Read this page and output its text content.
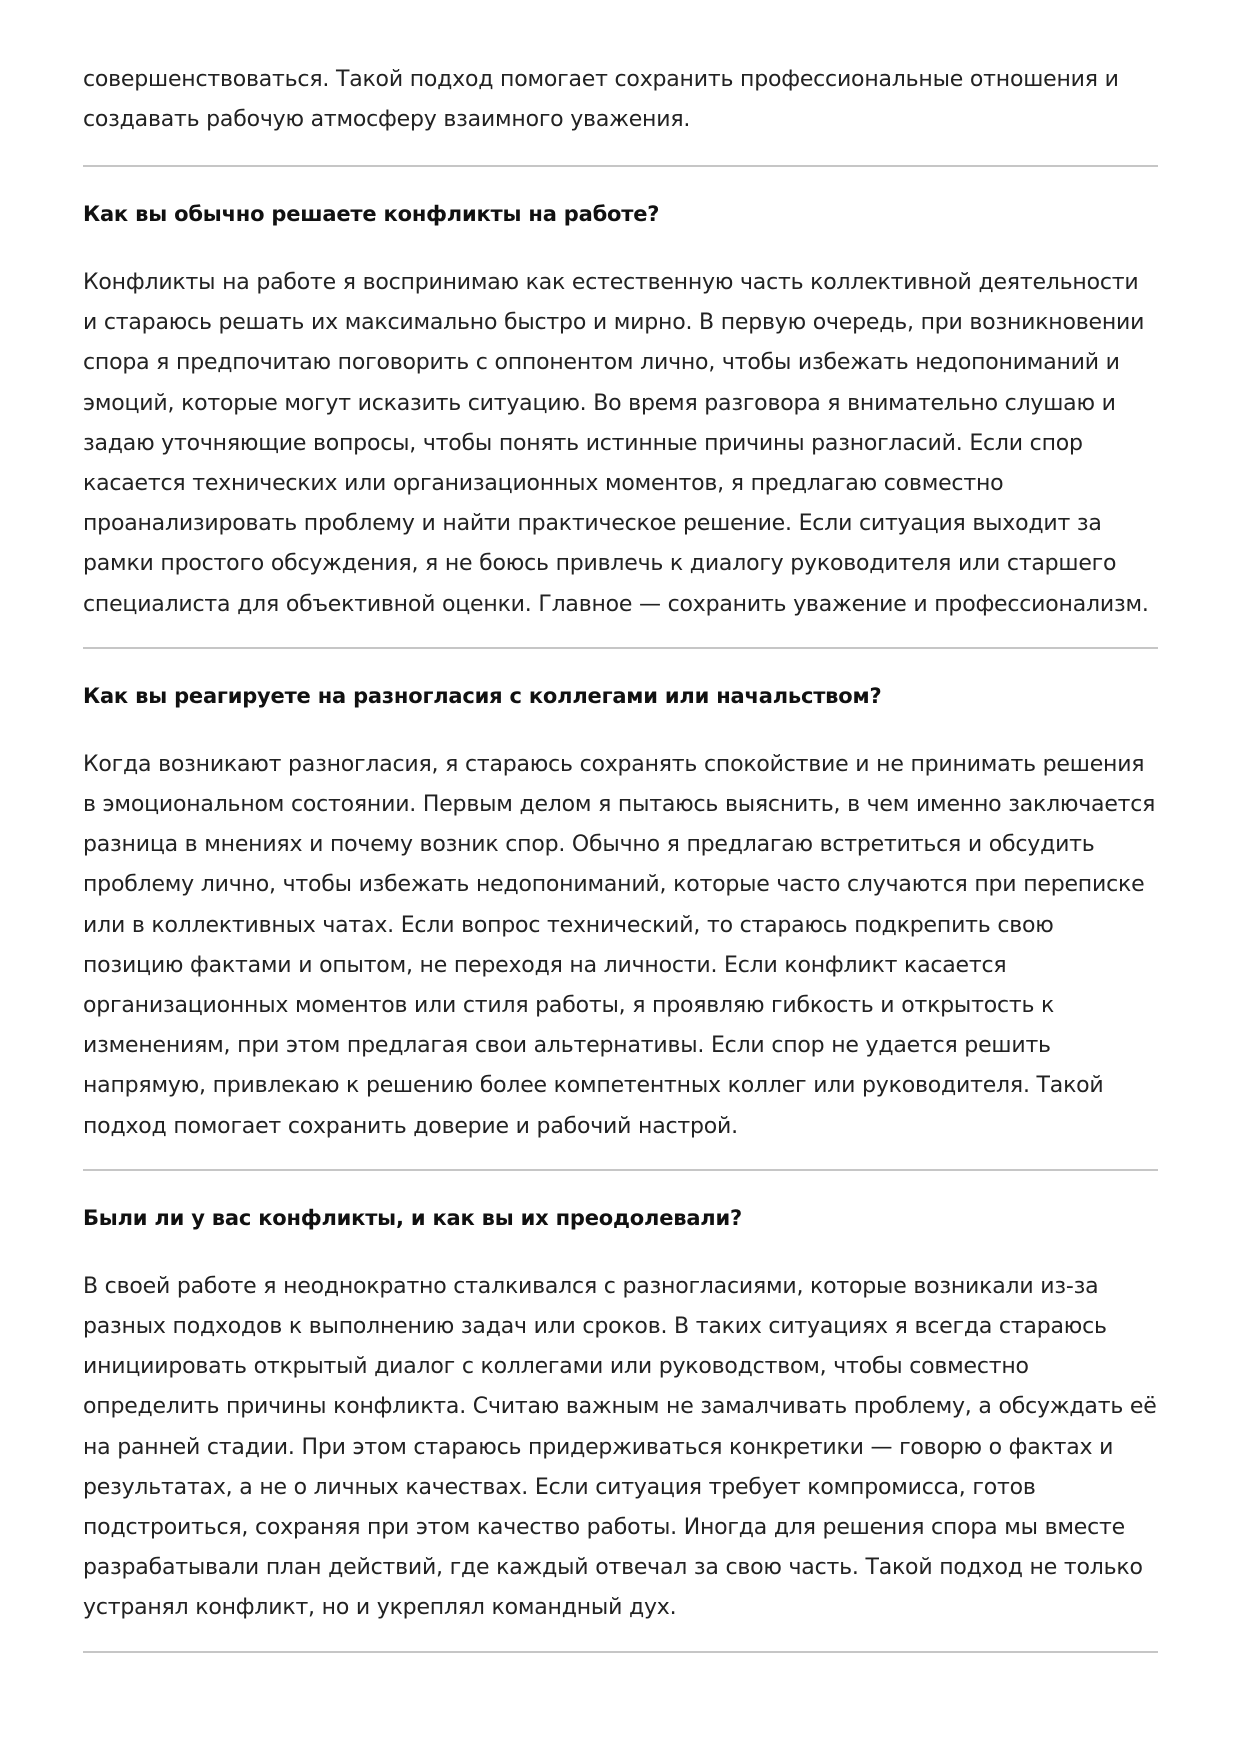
совершенствоваться. Такой подход помогает сохранить профессиональные отношения и создавать рабочую атмосферу взаимного уважения.

Как вы обычно решаете конфликты на работе?

Конфликты на работе я воспринимаю как естественную часть коллективной деятельности и стараюсь решать их максимально быстро и мирно. В первую очередь, при возникновении спора я предпочитаю поговорить с оппонентом лично, чтобы избежать недопониманий и эмоций, которые могут исказить ситуацию. Во время разговора я внимательно слушаю и задаю уточняющие вопросы, чтобы понять истинные причины разногласий. Если спор касается технических или организационных моментов, я предлагаю совместно проанализировать проблему и найти практическое решение. Если ситуация выходит за рамки простого обсуждения, я не боюсь привлечь к диалогу руководителя или старшего специалиста для объективной оценки. Главное — сохранить уважение и профессионализм.

Как вы реагируете на разногласия с коллегами или начальством?

Когда возникают разногласия, я стараюсь сохранять спокойствие и не принимать решения в эмоциональном состоянии. Первым делом я пытаюсь выяснить, в чем именно заключается разница в мнениях и почему возник спор. Обычно я предлагаю встретиться и обсудить проблему лично, чтобы избежать недопониманий, которые часто случаются при переписке или в коллективных чатах. Если вопрос технический, то стараюсь подкрепить свою позицию фактами и опытом, не переходя на личности. Если конфликт касается организационных моментов или стиля работы, я проявляю гибкость и открытость к изменениям, при этом предлагая свои альтернативы. Если спор не удается решить напрямую, привлекаю к решению более компетентных коллег или руководителя. Такой подход помогает сохранить доверие и рабочий настрой.

Были ли у вас конфликты, и как вы их преодолевали?

В своей работе я неоднократно сталкивался с разногласиями, которые возникали из-за разных подходов к выполнению задач или сроков. В таких ситуациях я всегда стараюсь инициировать открытый диалог с коллегами или руководством, чтобы совместно определить причины конфликта. Считаю важным не замалчивать проблему, а обсуждать её на ранней стадии. При этом стараюсь придерживаться конкретики — говорю о фактах и результатах, а не о личных качествах. Если ситуация требует компромисса, готов подстроиться, сохраняя при этом качество работы. Иногда для решения спора мы вместе разрабатывали план действий, где каждый отвечал за свою часть. Такой подход не только устранял конфликт, но и укреплял командный дух.
